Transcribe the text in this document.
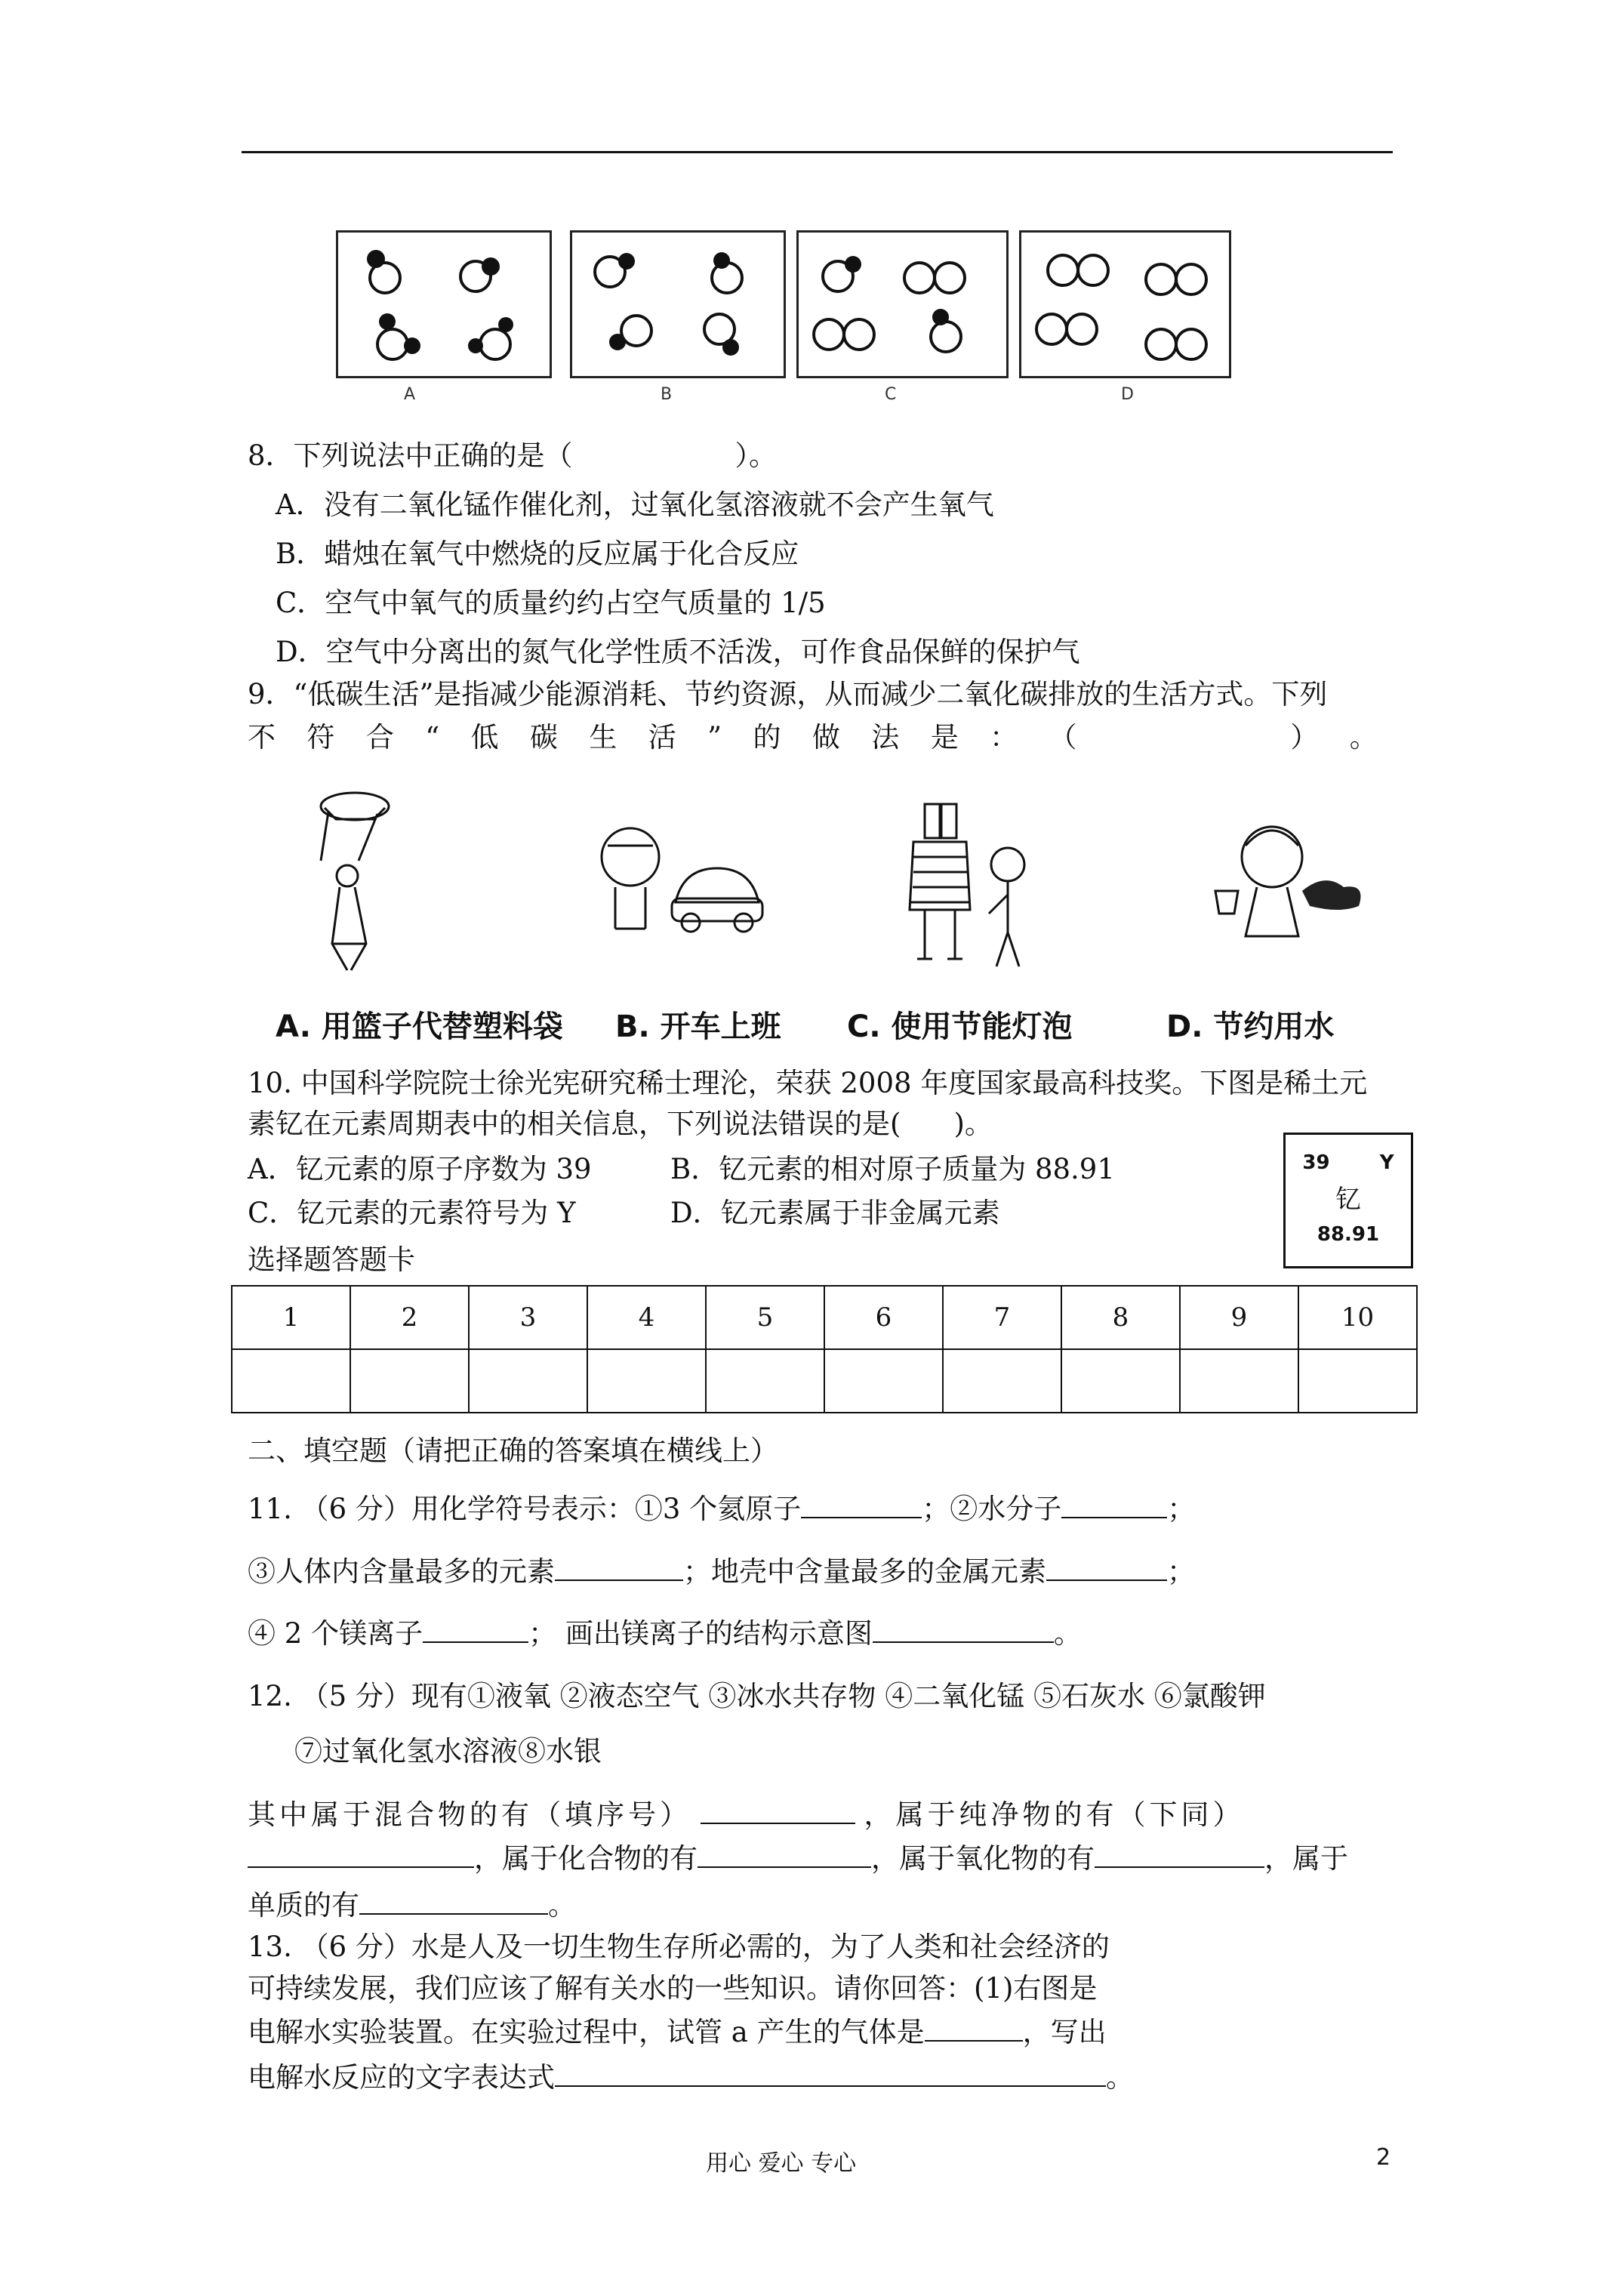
A	B	C	D
8．下列说法中正确的是（	）。
A．没有二氧化锰作催化剂，过氧化氢溶液就不会产生氧气
B．蜡烛在氧气中燃烧的反应属于化合反应
C．空气中氧气的质量约约占空气质量的 1/5
D．空气中分离出的氮气化学性质不活泼，可作食品保鲜的保护气
9．“低碳生活”是指减少能源消耗、节约资源，从而减少二氧化碳排放的生活方式。下列
不 符 合 “ 低 碳 生 活 ” 的 做 法 是 ： （	） 。
A. 用篮子代替塑料袋 B. 开车上班 C. 使用节能灯泡	D. 节约用水
10. 中国科学院院士徐光宪研究稀士理沦，荣获 2008 年度国家最高科技奖。下图是稀土元
素钇在元素周期表中的相关信息，下列说法错误的是( )。
A．钇元素的原子序数为 39	B．钇元素的相对原子质量为 88.91
C．钇元素的元素符号为 Y	D．钇元素属于非金属元素
39	Y
钇
88.91
选择题答题卡
1	2	3	4	5	6	7	8	9	10

二、填空题（请把正确的答案填在横线上）
11. （6 分）用化学符号表示：①3 个氦原子	；②水分子	；
③人体内含量最多的元素	；地壳中含量最多的金属元素	；
④ 2 个镁离子	； 画出镁离子的结构示意图	。
12. （5 分）现有①液氧 ②液态空气 ③冰水共存物 ④二氧化锰 ⑤石灰水 ⑥氯酸钾
⑦过氧化氢水溶液⑧水银
其中属于混合物的有（填序号）	，属于纯净物的有（下同）
，属于化合物的有	，属于氧化物的有	，属于
单质的有	。
13. （6 分）水是人及一切生物生存所必需的，为了人类和社会经济的
可持续发展，我们应该了解有关水的一些知识。请你回答：(1)右图是
电解水实验装置。在实验过程中，试管 a 产生的气体是	，写出
电解水反应的文字表达式	。
用心 爱心 专心	2
